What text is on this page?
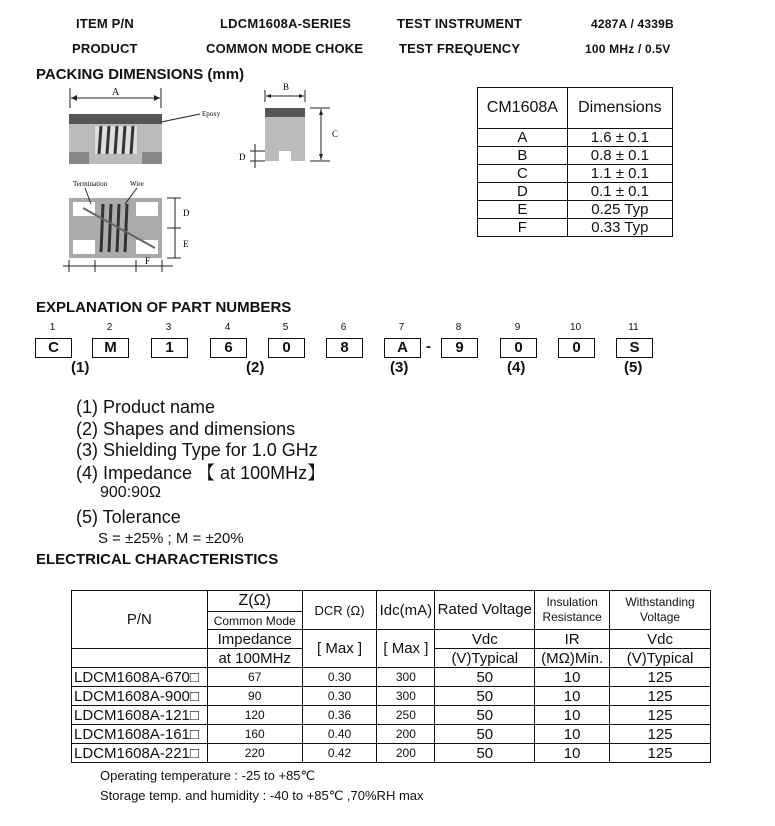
ITEM P/N	LDCM1608A-SERIES	TEST INSTRUMENT	4287A / 4339B
PRODUCT	COMMON MODE CHOKE	TEST FREQUENCY	100 MHz / 0.5V
PACKING DIMENSIONS (mm)
A
Epoxy
B
C
D
Termination	Wire
D
E
F
CM1608A	Dimensions
A	1.6 ± 0.1
B	0.8 ± 0.1
C	1.1 ± 0.1
D	0.1 ± 0.1
E	0.25 Typ
F	0.33 Typ
EXPLANATION OF PART NUMBERS
1	2	3	4	5	6	7	8	9	10	11
C	M	1	6	0	8	A	-	9	0	0	S
(1)	(2)	(3)	(4)	(5)
(1) Product name
(2) Shapes and dimensions
(3) Shielding Type for 1.0 GHz
(4) Impedance 【 at 100MHz】
900:90Ω
(5) Tolerance
S = ±25% ; M = ±20%
ELECTRICAL CHARACTERISTICS
P/N	Z(Ω)	DCR (Ω)	Idc(mA)	Rated Voltage	Insulation Resistance	Withstanding Voltage
	Common Mode					
	Impedance	[ Max ]	[ Max ]	Vdc	IR	Vdc
	at 100MHz			(V)Typical	(MΩ)Min.	(V)Typical
LDCM1608A-670□	67	0.30	300	50	10	125
LDCM1608A-900□	90	0.30	300	50	10	125
LDCM1608A-121□	120	0.36	250	50	10	125
LDCM1608A-161□	160	0.40	200	50	10	125
LDCM1608A-221□	220	0.42	200	50	10	125
Operating temperature : -25 to +85℃
Storage temp. and humidity : -40 to +85℃ ,70%RH max
